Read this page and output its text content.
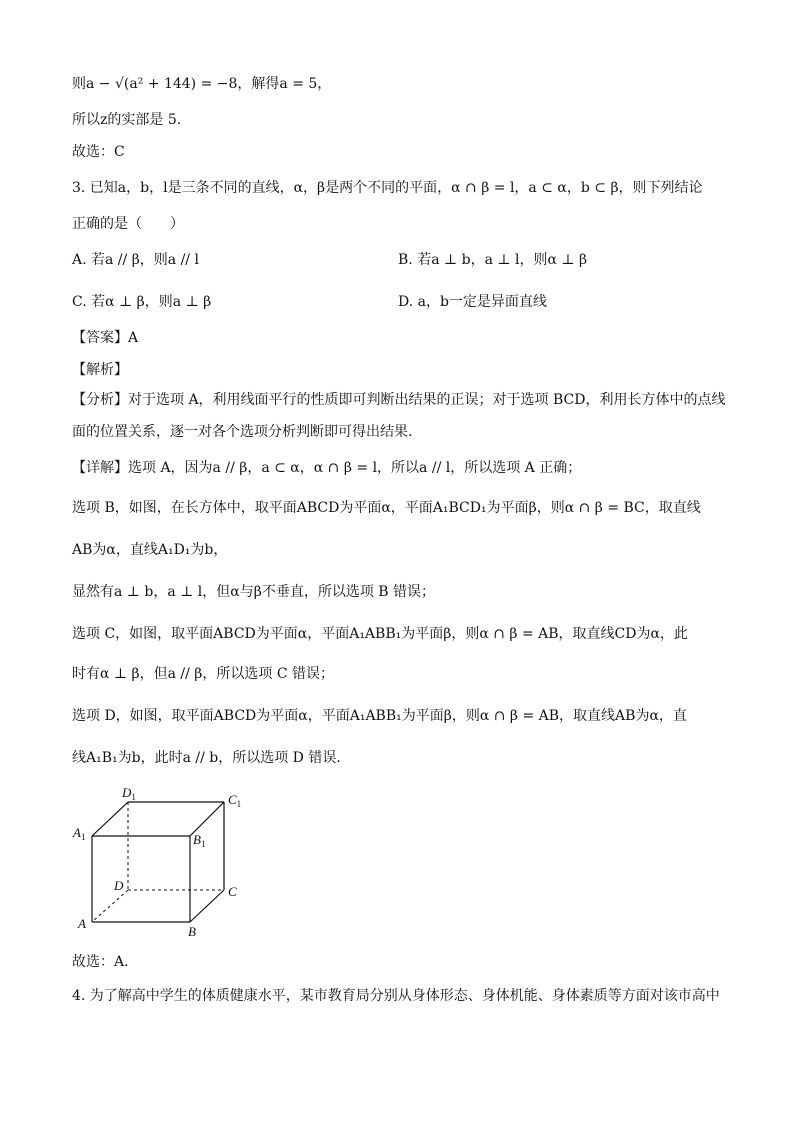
则a − √(a² + 144) = −8，解得a = 5，
所以z的实部是 5.
故选：C
3. 已知a，b，l是三条不同的直线，α，β是两个不同的平面，α ∩ β = l，a ⊂ α，b ⊂ β，则下列结论
正确的是（　　）
A. 若a // β，则a // l	B. 若a ⊥ b，a ⊥ l，则α ⊥ β
C. 若α ⊥ β，则a ⊥ β	D. a，b一定是异面直线
【答案】A
【解析】
【分析】对于选项 A，利用线面平行的性质即可判断出结果的正误；对于选项 BCD，利用长方体中的点线
面的位置关系，逐一对各个选项分析判断即可得出结果.
【详解】选项 A，因为a // β，a ⊂ α，α ∩ β = l，所以a // l，所以选项 A 正确；
选项 B，如图，在长方体中，取平面ABCD为平面α，平面A₁BCD₁为平面β，则α ∩ β = BC，取直线
AB为α，直线A₁D₁为b，
显然有a ⊥ b，a ⊥ l，但α与β不垂直，所以选项 B 错误；
选项 C，如图，取平面ABCD为平面α，平面A₁ABB₁为平面β，则α ∩ β = AB，取直线CD为α，此
时有α ⊥ β，但a // β，所以选项 C 错误；
选项 D，如图，取平面ABCD为平面α，平面A₁ABB₁为平面β，则α ∩ β = AB，取直线AB为α，直
线A₁B₁为b，此时a // b，所以选项 D 错误.
$D_1$	$C_1$
$A_1$	$B_1$
D	C
A
B
故选：A.
4. 为了解高中学生的体质健康水平，某市教育局分别从身体形态、身体机能、身体素质等方面对该市高中
